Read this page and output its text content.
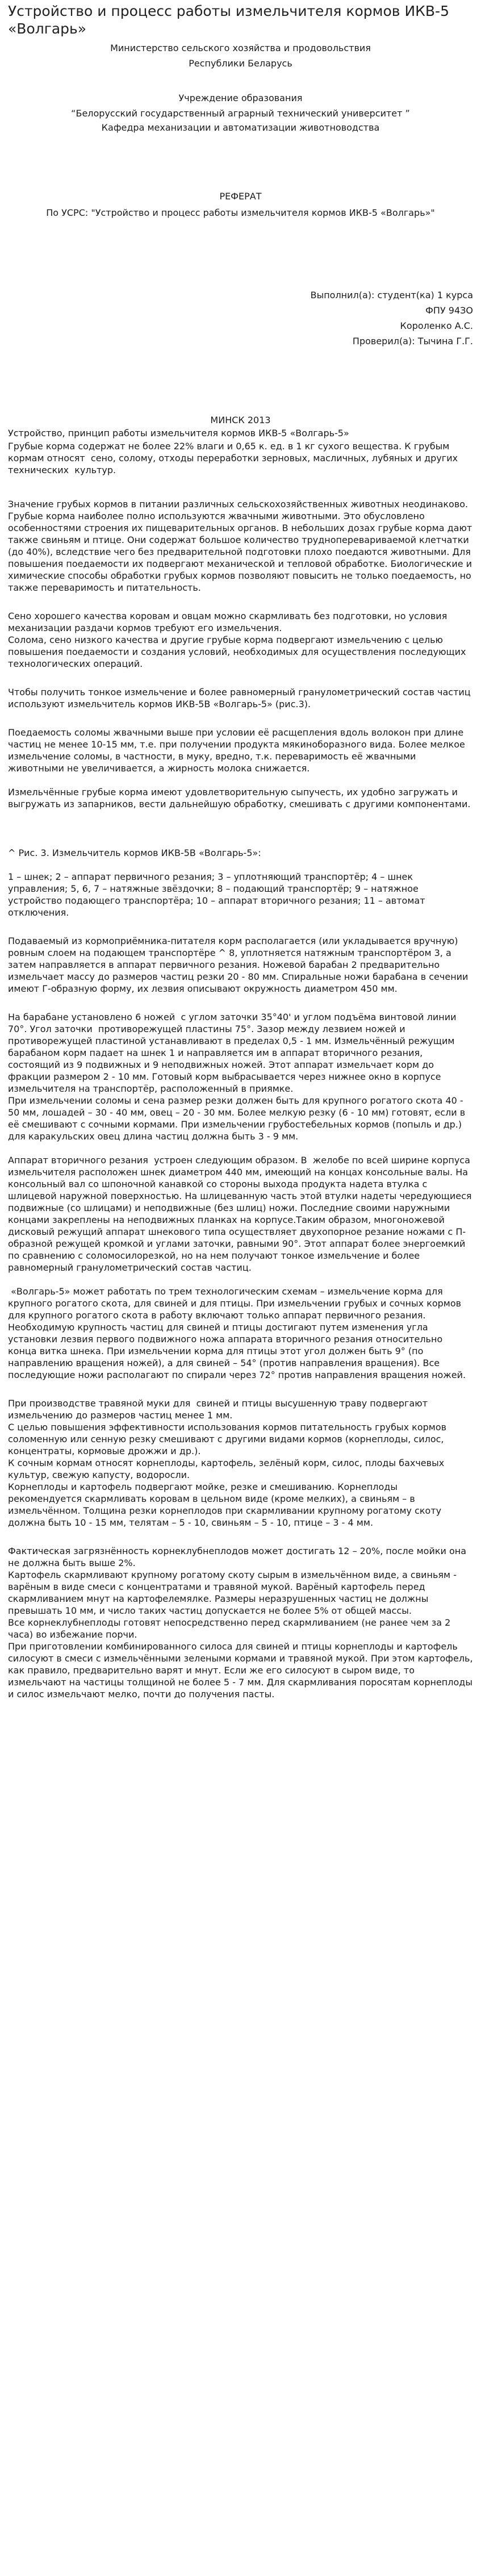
Устройство и процесс работы измельчителя кормов ИКВ-5 «Волгарь»

Министерство сельского хозяйства и продовольствия

Республики Беларусь

Учреждение образования

“Белорусский государственный аграрный технический университет ”

Кафедра механизации и автоматизации животноводства

РЕФЕРАТ

По УСРС: "Устройство и процесс работы измельчителя кормов ИКВ-5 «Волгарь»"

Выполнил(а): студент(ка) 1 курса

ФПУ 94ЗО

Короленко А.С.

Проверил(а): Тычина Г.Г.

МИНСК 2013

Устройство, принцип работы измельчителя кормов ИКВ-5 «Волгарь-5»

Грубые корма содержат не более 22% влаги и 0,65 к. ед. в 1 кг сухого вещества. К грубым кормам относят  сено, солому, отходы переработки зерновых, масличных, лубяных и других технических  культур.

Значение грубых кормов в питании различных сельскохозяйственных животных неодинаково. Грубые корма наиболее полно используются жвачными животными. Это обусловлено особенностями строения их пищеварительных органов. В небольших дозах грубые корма дают также свиньям и птице. Они содержат большое количество трудноперевариваемой клетчатки (до 40%), вследствие чего без предварительной подготовки плохо поедаются животными. Для повышения поедаемости их подвергают механической и тепловой обработке. Биологические и химические способы обработки грубых кормов позволяют повысить не только поедаемость, но также переваримость и питательность.

Сено хорошего качества коровам и овцам можно скармливать без подготовки, но условия механизации раздачи кормов требуют его измельчения.
Солома, сено низкого качества и другие грубые корма подвергают измельчению с целью повышения поедаемости и создания условий, необходимых для осуществления последующих технологических операций.

Чтобы получить тонкое измельчение и более равномерный гранулометрический состав частиц используют измельчитель кормов ИКВ-5В «Волгарь-5» (рис.3).

Поедаемость соломы жвачными выше при условии её расщепления вдоль волокон при длине частиц не менее 10-15 мм, т.е. при получении продукта мякиноборазного вида. Более мелкое измельчение соломы, в частности, в муку, вредно, т.к. переваримость её жвачными животными не увеличивается, а жирность молока снижается.

Измельчённые грубые корма имеют удовлетворительную сыпучесть, их удобно загружать и выгружать из запарников, вести дальнейшую обработку, смешивать с другими компонентами.

^ Рис. 3. Измельчитель кормов ИКВ-5В «Волгарь-5»:

1 – шнек; 2 – аппарат первичного резания; 3 – уплотняющий транспортёр; 4 – шнек управления; 5, 6, 7 – натяжные звёздочки; 8 – подающий транспортёр; 9 – натяжное устройство подающего транспортёра; 10 – аппарат вторичного резания; 11 – автомат отключения.

Подаваемый из кормоприёмника-питателя корм располагается (или укладывается вручную) ровным слоем на подающем транспортёре ^ 8, уплотняется натяжным транспортёром 3, а затем направляется в аппарат первичного резания. Ножевой барабан 2 предварительно измельчает массу до размеров частиц резки 20 - 80 мм. Спиральные ножи барабана в сечении имеют Г-образную форму, их лезвия описывают окружность диаметром 450 мм.

На барабане установлено 6 ножей  с углом заточки 35°40' и углом подъёма винтовой линии 70°. Угол заточки  противорежущей пластины 75°. Зазор между лезвием ножей и противорежущей пластиной устанавливают в пределах 0,5 - 1 мм. Измельчённый режущим барабаном корм падает на шнек 1 и направляется им в аппарат вторичного резания, состоящий из 9 подвижных и 9 неподвижных ножей. Этот аппарат измельчает корм до фракции размером 2 - 10 мм. Готовый корм выбрасывается через нижнее окно в корпусе измельчителя на транспортёр, расположенный в приямке.
При измельчении соломы и сена размер резки должен быть для крупного рогатого скота 40 - 50 мм, лошадей – 30 - 40 мм, овец – 20 - 30 мм. Более мелкую резку (6 - 10 мм) готовят, если в её смешивают с сочными кормами. При измельчении грубостебельных кормов (попыль и др.) для каракульских овец длина частиц должна быть 3 - 9 мм.

Аппарат вторичного резания  устроен следующим образом. В  желобе по всей ширине корпуса измельчителя расположен шнек диаметром 440 мм, имеющий на концах консольные валы. На консольный вал со шпоночной канавкой со стороны выхода продукта надета втулка с шлицевой наружной поверхностью. На шлицеванную часть этой втулки надеты чередующиеся подвижные (со шлицами) и неподвижные (без шлиц) ножи. Последние своими наружными концами закреплены на неподвижных планках на корпусе.Таким образом, многоножевой дисковый режущий аппарат шнекового типа осуществляет двухопорное резание ножами с П-образной режущей кромкой и углами заточки, равными 90°. Этот аппарат более энергоемкий по сравнению с соломосилорезкой, но на нем получают тонкое измельчение и более равномерный гранулометрический состав частиц.

«Волгарь-5» может работать по трем технологическим схемам – измельчение корма для крупного рогатого скота, для свиней и для птицы. При измельчении грубых и сочных кормов для крупного рогатого скота в работу включают только аппарат первичного резания. Необходимую крупность частиц для свиней и птицы достигают путем изменения угла установки лезвия первого подвижного ножа аппарата вторичного резания относительно конца витка шнека. При измельчении корма для птицы этот угол должен быть 9° (по направлению вращения ножей), а для свиней – 54° (против направления вращения). Все последующие ножи располагают по спирали через 72° против направления вращения ножей.

При производстве травяной муки для  свиней и птицы высушенную траву подвергают измельчению до размеров частиц менее 1 мм.
С целью повышения эффективности использования кормов питательность грубых кормов соломенную или сенную резку смешивают с другими видами кормов (корнеплоды, силос, концентраты, кормовые дрожжи и др.).
К сочным кормам относят корнеплоды, картофель, зелёный корм, силос, плоды бахчевых культур, свежую капусту, водоросли.
Корнеплоды и картофель подвергают мойке, резке и смешиванию. Корнеплоды рекомендуется скармливать коровам в цельном виде (кроме мелких), а свиньям – в измельчённом. Толщина резки корнеплодов при скармливании крупному рогатому скоту должна быть 10 - 15 мм, телятам – 5 - 10, свиньям – 5 - 10, птице – 3 - 4 мм.

Фактическая загрязнённость корнеклубнеплодов может достигать 12 – 20%, после мойки она не должна быть выше 2%.
Картофель скармливают крупному рогатому скоту сырым в измельчённом виде, а свиньям - варёным в виде смеси с концентратами и травяной мукой. Варёный картофель перед скармливанием мнут на картофелемялке. Размеры неразрушенных частиц не должны превышать 10 мм, и число таких частиц допускается не более 5% от общей массы.
Все корнеклубнеплоды готовят непосредственно перед скармливанием (не ранее чем за 2 часа) во избежание порчи.
При приготовлении комбинированного силоса для свиней и птицы корнеплоды и картофель силосуют в смеси с измельчёнными зелеными кормами и травяной мукой. При этом картофель, как правило, предварительно варят и мнут. Если же его силосуют в сыром виде, то измельчают на частицы толщиной не более 5 - 7 мм. Для скармливания поросятам корнеплоды и силос измельчают мелко, почти до получения пасты.
